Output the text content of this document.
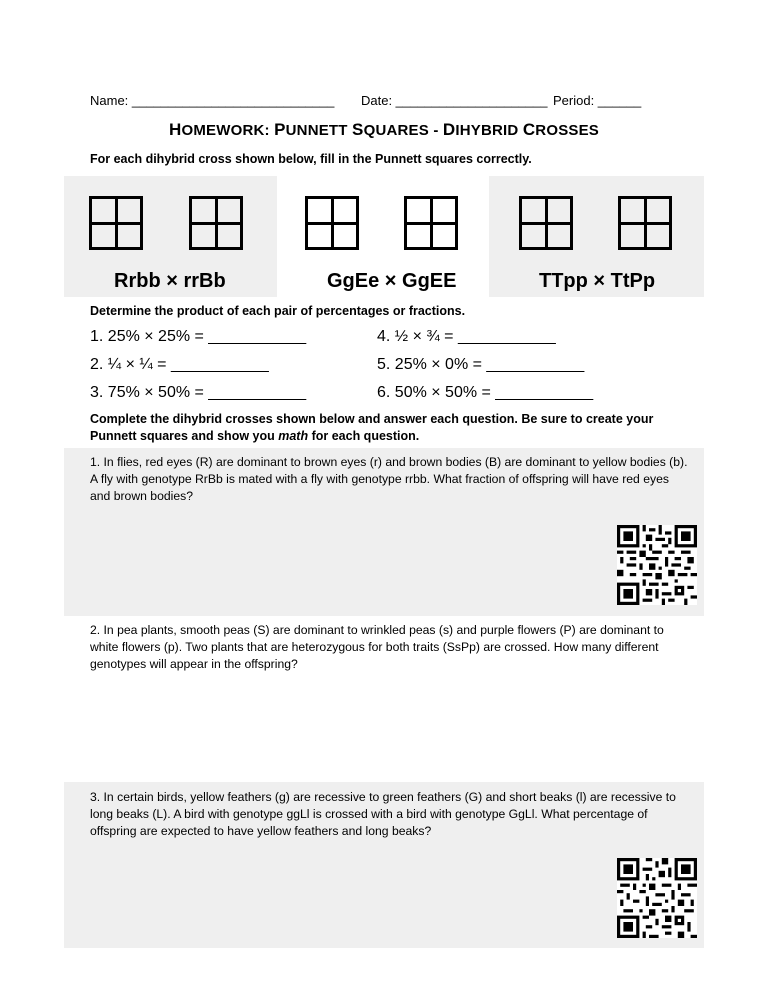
Name: ____________________________ Date: _____________________ Period: ______
HOMEWORK: PUNNETT SQUARES - DIHYBRID CROSSES
For each dihybrid cross shown below, fill in the Punnett squares correctly.
Rrbb × rrBb	GgEe × GgEE	TTpp × TtPp
Determine the product of each pair of percentages or fractions.
1. 25% × 25% = ___________	4. ½ × ¾ = ___________
2. ¼ × ¼ = ___________	5. 25% × 0% = ___________
3. 75% × 50% = ___________	6. 50% × 50% = ___________
Complete the dihybrid crosses shown below and answer each question. Be sure to create your
Punnett squares and show you math for each question.
1. In flies, red eyes (R) are dominant to brown eyes (r) and brown bodies (B) are dominant to yellow bodies (b). A fly with genotype RrBb is mated with a fly with genotype rrbb. What fraction of offspring will have red eyes and brown bodies?
2. In pea plants, smooth peas (S) are dominant to wrinkled peas (s) and purple flowers (P) are dominant to white flowers (p). Two plants that are heterozygous for both traits (SsPp) are crossed. How many different genotypes will appear in the offspring?
3. In certain birds, yellow feathers (g) are recessive to green feathers (G) and short beaks (l) are recessive to long beaks (L). A bird with genotype ggLl is crossed with a bird with genotype GgLl. What percentage of offspring are expected to have yellow feathers and long beaks?
